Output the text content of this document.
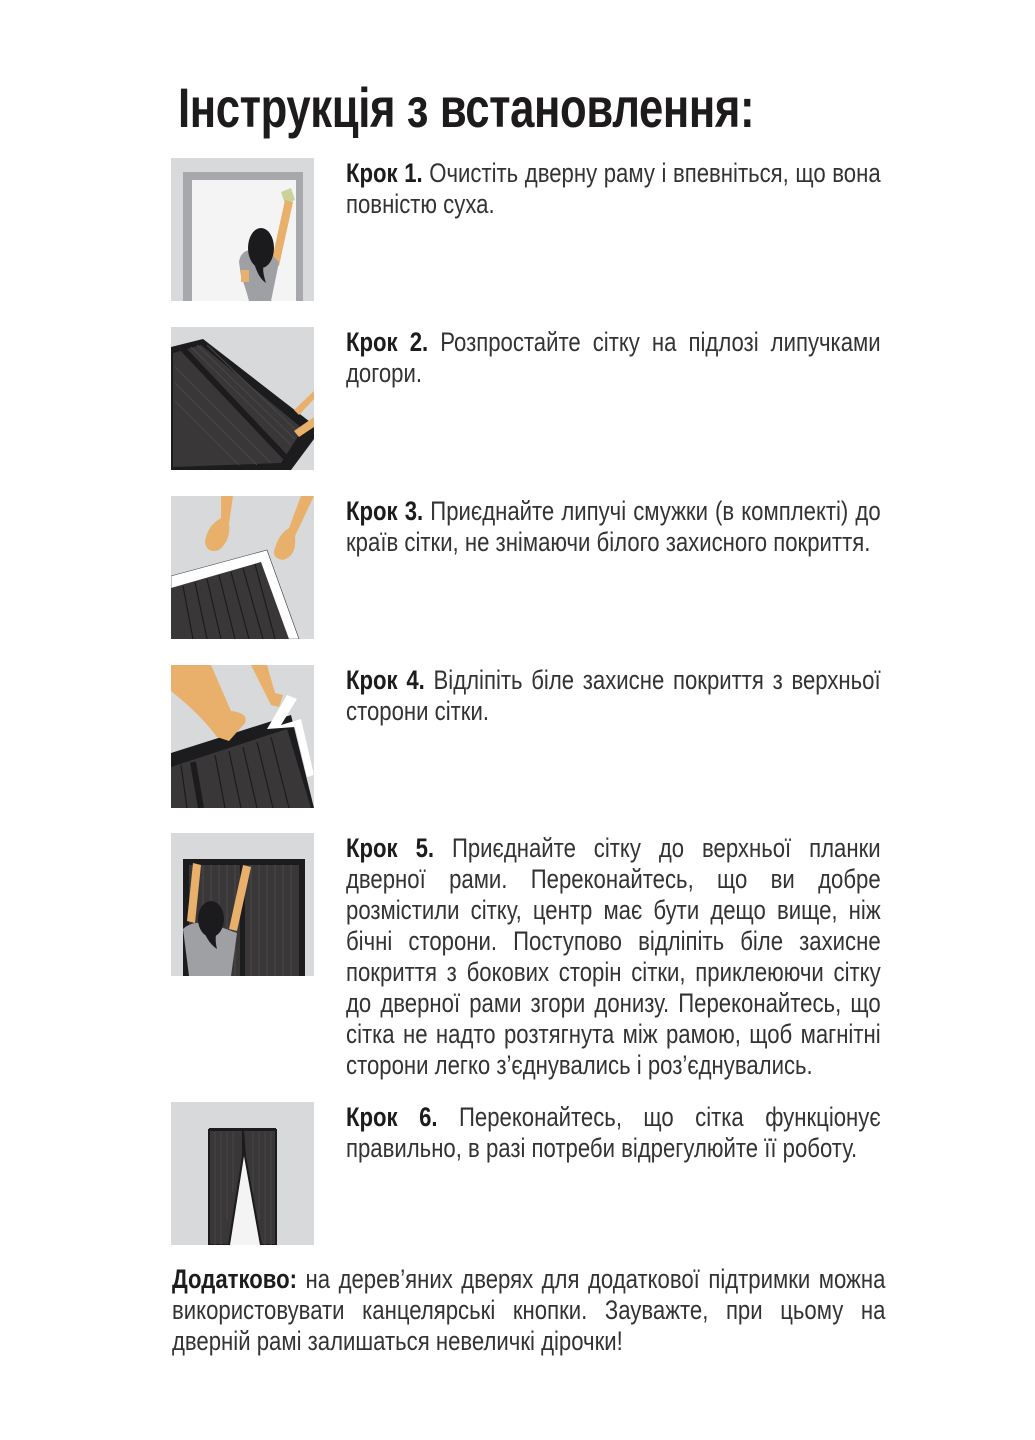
Інструкція з встановлення:
Крок 1. Очистіть дверну раму і впевніться, що вона повністю суха.
Крок 2. Розпростайте сітку на підлозі липучками догори.
Крок 3. Приєднайте липучі смужки (в комплекті) до країв сітки, не знімаючи білого захисного покриття.
Крок 4. Відліпіть біле захисне покриття з верхньої сторони сітки.
Крок 5. Приєднайте сітку до верхньої планки дверної рами. Переконайтесь, що ви добре розмістили сітку, центр має бути дещо вище, ніж бічні сторони. Поступово відліпіть біле захисне покриття з бокових сторін сітки, приклеюючи сітку до дверної рами згори донизу. Переконайтесь, що сітка не надто розтягнута між рамою, щоб магнітні сторони легко з’єднувались і роз’єднувались.
Крок 6. Переконайтесь, що сітка функціонує правильно, в разі потреби відрегулюйте її роботу.
Додатково: на дерев’яних дверях для додаткової підтримки можна використовувати канцелярські кнопки. Зауважте, при цьому на дверній рамі залишаться невеличкі дірочки!
